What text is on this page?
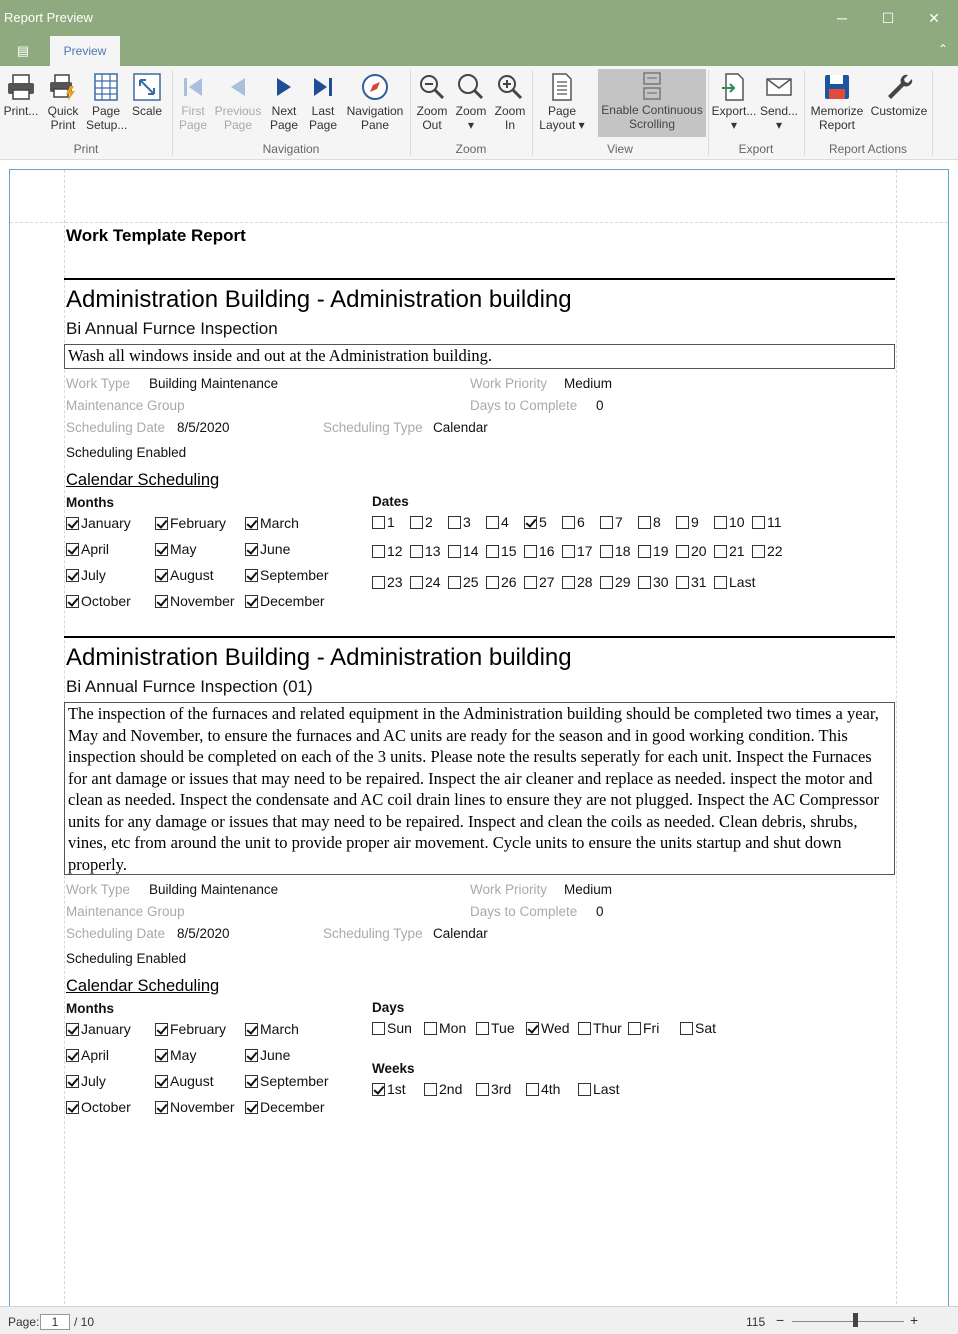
Report Preview	─	☐ ✕
▤	Preview	⌃
Print... Quick
Print
Page
Setup...
Scale	First
Page
Previous
Page
Next
Page
Last
Page
Navigation
Pane
Zoom
Out
Zoom
▾
Zoom
In
Page
Layout ▾
Enable Continuous
Scrolling
Export...
▾
Send...
▾
Memorize
Report
Customize
Print	Navigation	Zoom	View	Export	Report Actions
Work Template Report
Administration Building - Administration building
Bi Annual Furnce Inspection
Wash all windows inside and out at the Administration building.
Work Type Building Maintenance	Work Priority Medium
Maintenance Group	Days to Complete 0
Scheduling Date 8/5/2020	Scheduling Type Calendar
Scheduling Enabled
Calendar Scheduling
Months
January	February	March
April	May	June
July	August	September
October	November	December
Dates
1	2	3	4	5	6	7	8	9	10	11
12	13	14	15	16	17	18	19	20	21	22
23	24	25	26	27	28	29	30	31	Last
Administration Building - Administration building
Bi Annual Furnce Inspection (01)
The inspection of the furnaces and related equipment in the Administration building should be completed two times a year, May and November, to ensure the furnaces and AC units are ready for the season and in good working condition. This inspection should be completed on each of the 3 units. Please note the results seperatly for each unit. Inspect the Furnaces for ant damage or issues that may need to be repaired. Inspect the air cleaner and replace as needed. inspect the motor and clean as needed. Inspect the condensate and AC coil drain lines to ensure they are not plugged. Inspect the AC Compressor units for any damage or issues that may need to be repaired. Inspect and clean the coils as needed. Clean debris, shrubs, vines, etc from around the unit to provide proper air movement. Cycle units to ensure the units startup and shut down properly.
Work Type Building Maintenance	Work Priority Medium
Maintenance Group	Days to Complete 0
Scheduling Date 8/5/2020	Scheduling Type Calendar
Scheduling Enabled
Calendar Scheduling
Months
January	February	March
April	May	June
July	August	September
October	November	December
Days
Sun	Mon	Tue	Wed	Thur	Fri	Sat
Weeks
1st	2nd	3rd	4th	Last
Page:	1	/ 10	115 −	+
